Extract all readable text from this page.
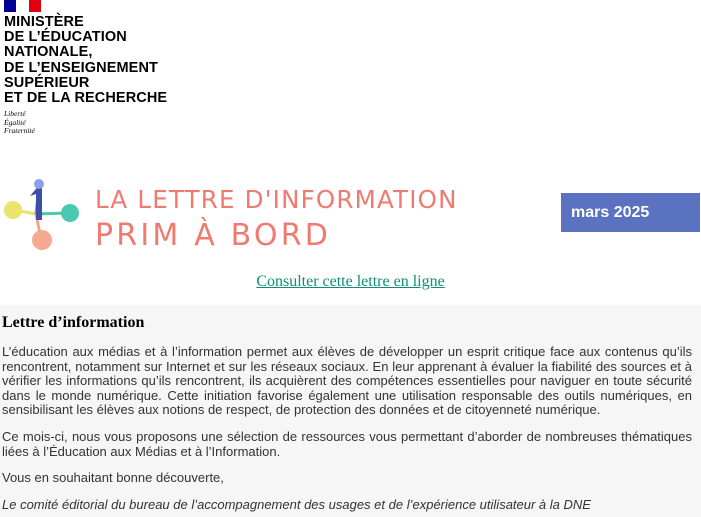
MINISTÈRE
DE L’ÉDUCATION
NATIONALE,
DE L’ENSEIGNEMENT
SUPÉRIEUR
ET DE LA RECHERCHE
Liberté
Égalité
Fraternité
LA LETTRE D'INFORMATION
PRIM À BORD
mars 2025
Consulter cette lettre en ligne
Lettre d’information

L’éducation aux médias et à l’information permet aux élèves de développer un esprit critique face aux contenus qu’ils rencontrent, notamment sur Internet et sur les réseaux sociaux. En leur apprenant à évaluer la fiabilité des sources et à vérifier les informations qu’ils rencontrent, ils acquièrent des compétences essentielles pour naviguer en toute sécurité dans le monde numérique. Cette initiation favorise également une utilisation responsable des outils numériques, en sensibilisant les élèves aux notions de respect, de protection des données et de citoyenneté numérique.

Ce mois-ci, nous vous proposons une sélection de ressources vous permettant d’aborder de nombreuses thématiques liées à l’Éducation aux Médias et à l’Information.

Vous en souhaitant bonne découverte,

Le comité éditorial du bureau de l’accompagnement des usages et de l’expérience utilisateur à la DNE
